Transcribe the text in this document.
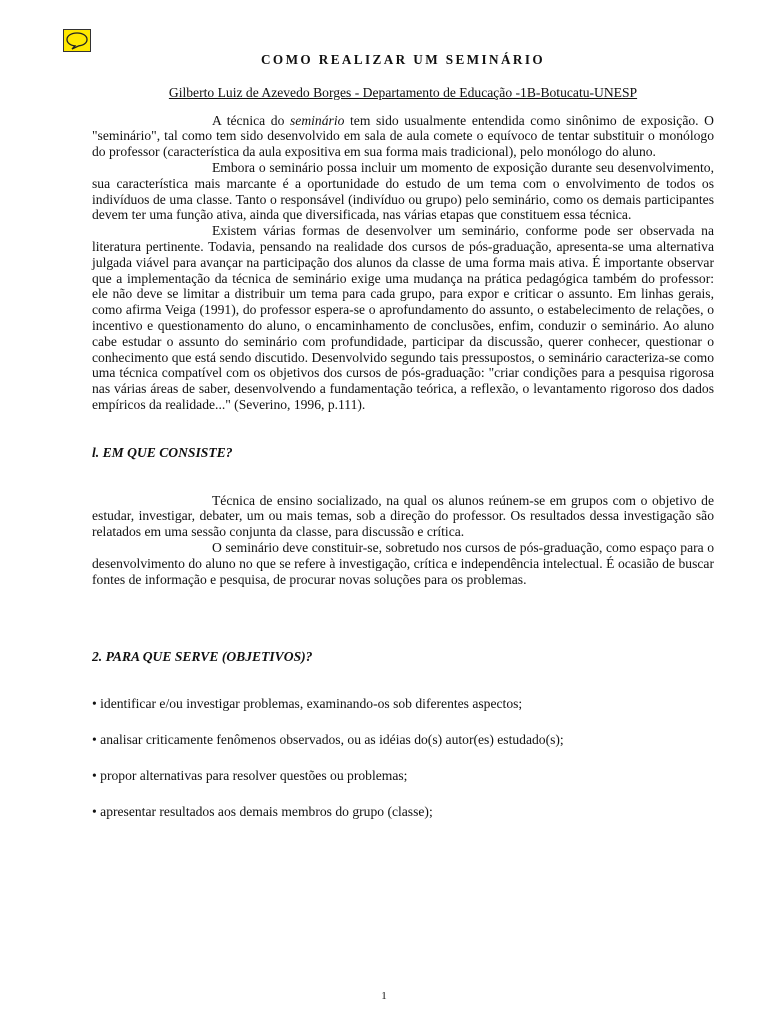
COMO REALIZAR UM SEMINÁRIO
Gilberto Luiz de Azevedo Borges - Departamento de Educação -1B-Botucatu-UNESP

A técnica do seminário tem sido usualmente entendida como sinônimo de exposição. O "seminário", tal como tem sido desenvolvido em sala de aula comete o equívoco de tentar substituir o monólogo do professor (característica da aula expositiva em sua forma mais tradicional), pelo monólogo do aluno.

Embora o seminário possa incluir um momento de exposição durante seu desenvolvimento, sua característica mais marcante é a oportunidade do estudo de um tema com o envolvimento de todos os indivíduos de uma classe. Tanto o responsável (indivíduo ou grupo) pelo seminário, como os demais participantes devem ter uma função ativa, ainda que diversificada, nas várias etapas que constituem essa técnica.

Existem várias formas de desenvolver um seminário, conforme pode ser observada na literatura pertinente. Todavia, pensando na realidade dos cursos de pós-graduação, apresenta-se uma alternativa julgada viável para avançar na participação dos alunos da classe de uma forma mais ativa. É importante observar que a implementação da técnica de seminário exige uma mudança na prática pedagógica também do professor: ele não deve se limitar a distribuir um tema para cada grupo, para expor e criticar o assunto. Em linhas gerais, como afirma Veiga (1991), do professor espera-se o aprofundamento do assunto, o estabelecimento de relações, o incentivo e questionamento do aluno, o encaminhamento de conclusões, enfim, conduzir o seminário. Ao aluno cabe estudar o assunto do seminário com profundidade, participar da discussão, querer conhecer, questionar o conhecimento que está sendo discutido. Desenvolvido segundo tais pressupostos, o seminário caracteriza-se como uma técnica compatível com os objetivos dos cursos de pós-graduação: "criar condições para a pesquisa rigorosa nas várias áreas de saber, desenvolvendo a fundamentação teórica, a reflexão, o levantamento rigoroso dos dados empíricos da realidade..." (Severino, 1996, p.111).

l. EM QUE CONSISTE?

Técnica de ensino socializado, na qual os alunos reúnem-se em grupos com o objetivo de estudar, investigar, debater, um ou mais temas, sob a direção do professor. Os resultados dessa investigação são relatados em uma sessão conjunta da classe, para discussão e crítica.

O seminário deve constituir-se, sobretudo nos cursos de pós-graduação, como espaço para o desenvolvimento do aluno no que se refere à investigação, crítica e independência intelectual. É ocasião de buscar fontes de informação e pesquisa, de procurar novas soluções para os problemas.

2. PARA QUE SERVE (OBJETIVOS)?

• identificar e/ou investigar problemas, examinando-os sob diferentes aspectos;

• analisar criticamente fenômenos observados, ou as idéias do(s) autor(es) estudado(s);

• propor alternativas para resolver questões ou problemas;

• apresentar resultados aos demais membros do grupo (classe);

1
